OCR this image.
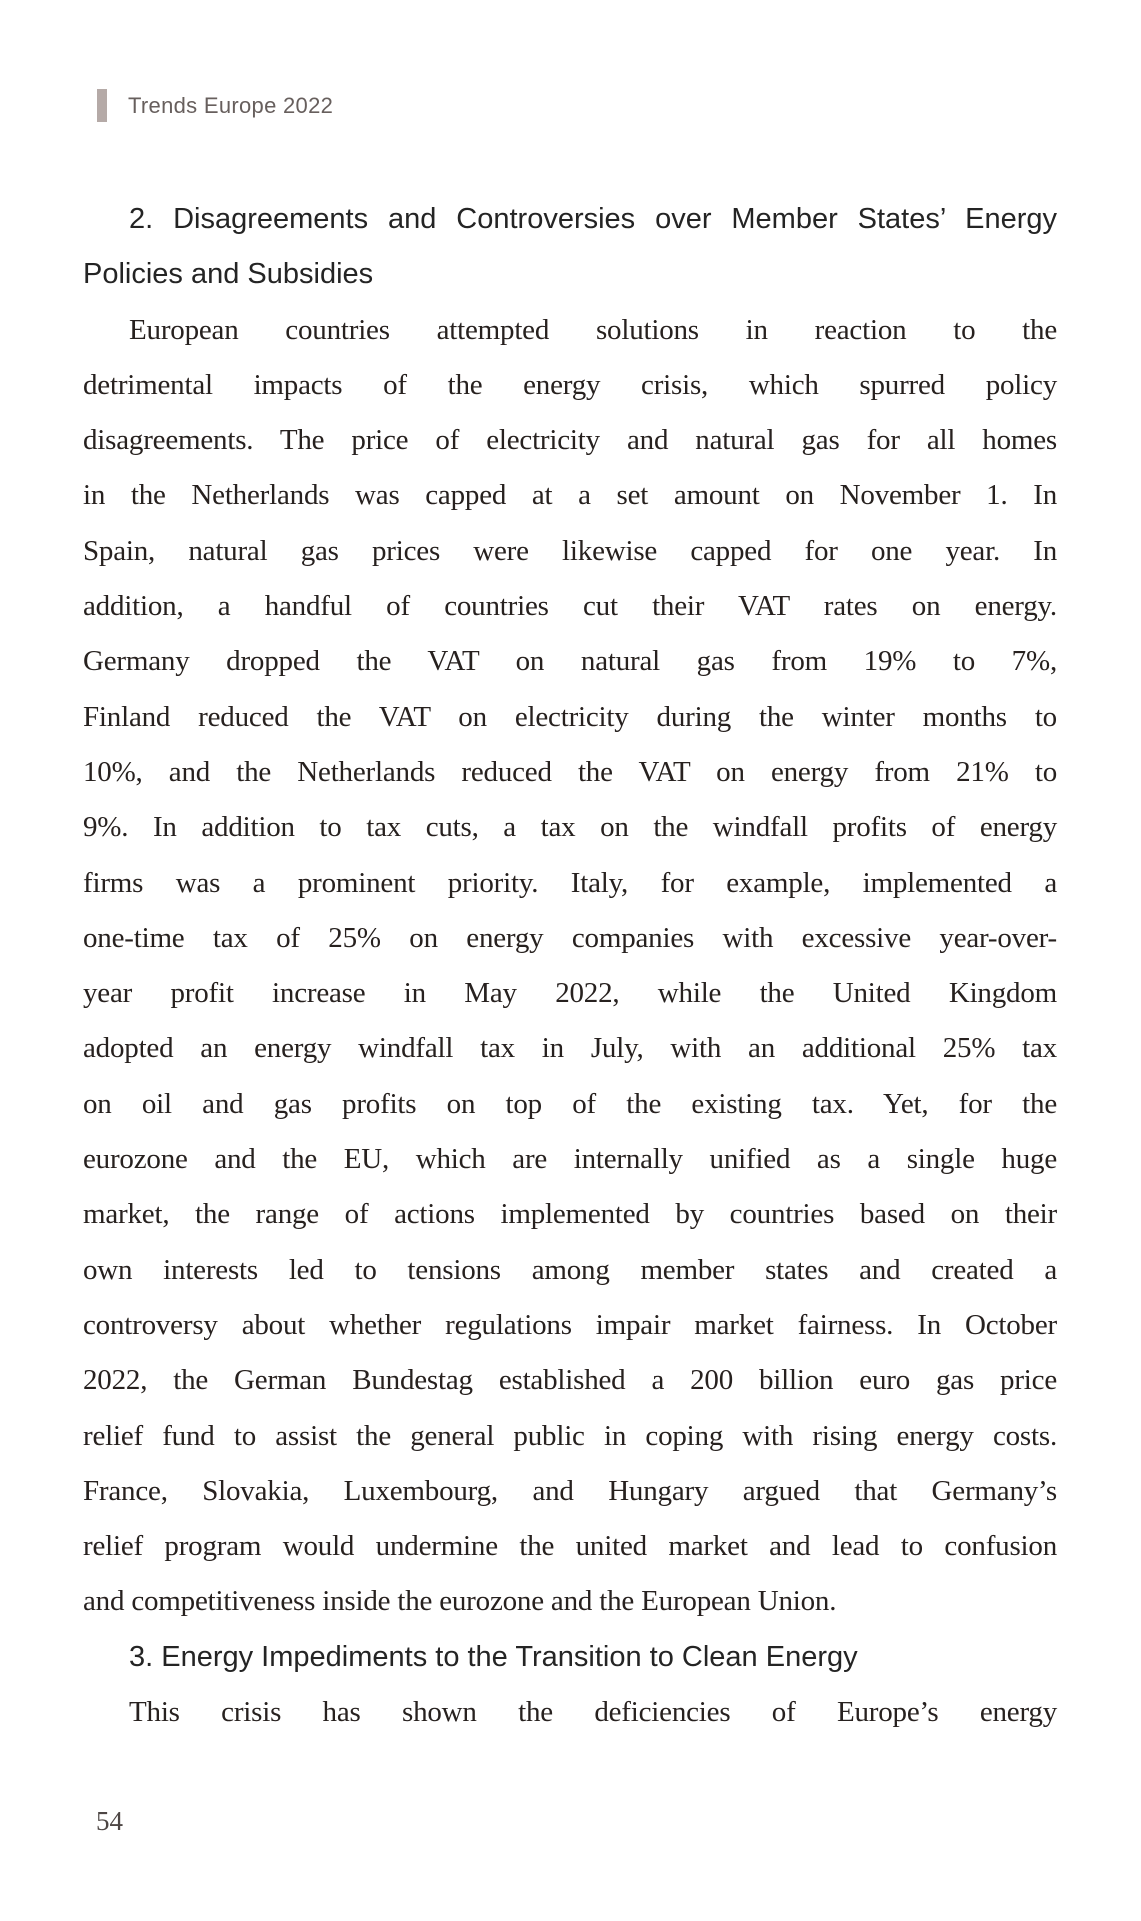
Trends Europe 2022
2. Disagreements and Controversies over Member States’ Energy
Policies and Subsidies
European countries attempted solutions in reaction to the
detrimental impacts of the energy crisis, which spurred policy
disagreements. The price of electricity and natural gas for all homes
in the Netherlands was capped at a set amount on November 1. In
Spain, natural gas prices were likewise capped for one year. In
addition, a handful of countries cut their VAT rates on energy.
Germany dropped the VAT on natural gas from 19% to 7%,
Finland reduced the VAT on electricity during the winter months to
10%, and the Netherlands reduced the VAT on energy from 21% to
9%. In addition to tax cuts, a tax on the windfall profits of energy
firms was a prominent priority. Italy, for example, implemented a
one-time tax of 25% on energy companies with excessive year-over-
year profit increase in May 2022, while the United Kingdom
adopted an energy windfall tax in July, with an additional 25% tax
on oil and gas profits on top of the existing tax. Yet, for the
eurozone and the EU, which are internally unified as a single huge
market, the range of actions implemented by countries based on their
own interests led to tensions among member states and created a
controversy about whether regulations impair market fairness. In October
2022, the German Bundestag established a 200 billion euro gas price
relief fund to assist the general public in coping with rising energy costs.
France, Slovakia, Luxembourg, and Hungary argued that Germany’s
relief program would undermine the united market and lead to confusion
and competitiveness inside the eurozone and the European Union.
3. Energy Impediments to the Transition to Clean Energy
This crisis has shown the deficiencies of Europe’s energy
54
